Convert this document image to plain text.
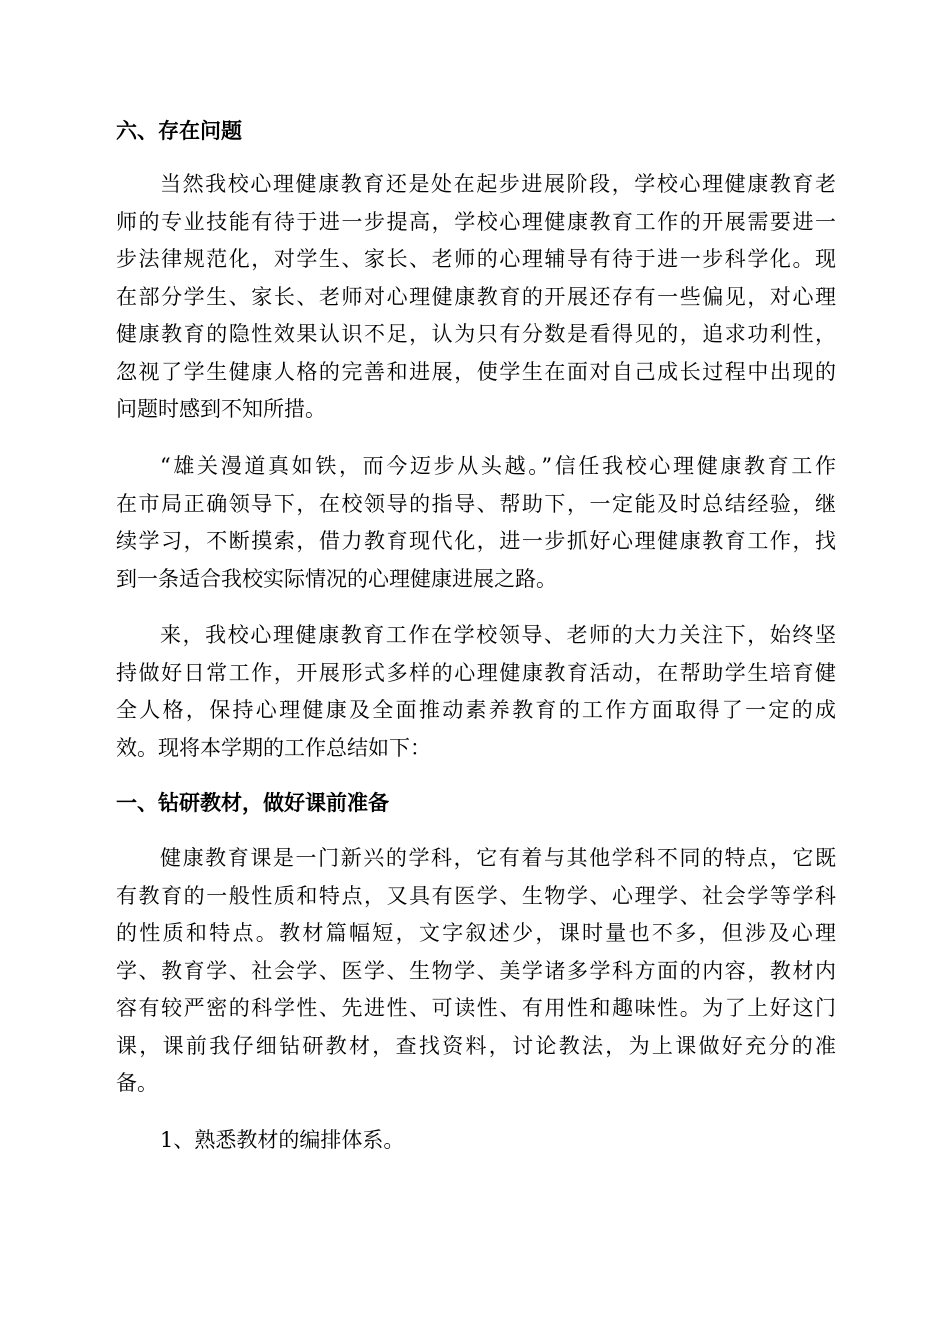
六、存在问题
当然我校心理健康教育还是处在起步进展阶段，学校心理健康教育老
师的专业技能有待于进一步提高，学校心理健康教育工作的开展需要进一
步法律规范化，对学生、家长、老师的心理辅导有待于进一步科学化。现
在部分学生、家长、老师对心理健康教育的开展还存有一些偏见，对心理
健康教育的隐性效果认识不足，认为只有分数是看得见的，追求功利性，
忽视了学生健康人格的完善和进展，使学生在面对自己成长过程中出现的
问题时感到不知所措。
“雄关漫道真如铁，而今迈步从头越。”信任我校心理健康教育工作
在市局正确领导下，在校领导的指导、帮助下，一定能及时总结经验，继
续学习，不断摸索，借力教育现代化，进一步抓好心理健康教育工作，找
到一条适合我校实际情况的心理健康进展之路。
来，我校心理健康教育工作在学校领导、老师的大力关注下，始终坚
持做好日常工作，开展形式多样的心理健康教育活动，在帮助学生培育健
全人格，保持心理健康及全面推动素养教育的工作方面取得了一定的成
效。现将本学期的工作总结如下：
一、钻研教材，做好课前准备
健康教育课是一门新兴的学科，它有着与其他学科不同的特点，它既
有教育的一般性质和特点，又具有医学、生物学、心理学、社会学等学科
的性质和特点。教材篇幅短，文字叙述少，课时量也不多，但涉及心理
学、教育学、社会学、医学、生物学、美学诸多学科方面的内容，教材内
容有较严密的科学性、先进性、可读性、有用性和趣味性。为了上好这门
课，课前我仔细钻研教材，查找资料，讨论教法，为上课做好充分的准
备。
1、熟悉教材的编排体系。
